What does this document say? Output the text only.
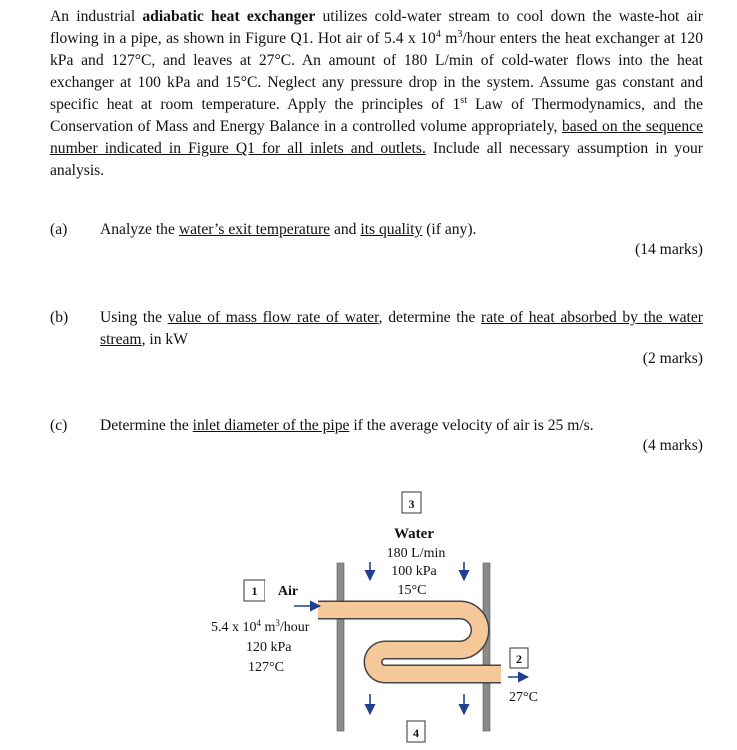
An industrial adiabatic heat exchanger utilizes cold-water stream to cool down the waste-hot air flowing in a pipe, as shown in Figure Q1. Hot air of 5.4 x $10^4$ $m^3$/hour enters the heat exchanger at 120 kPa and 127°C, and leaves at 27°C. An amount of 180 L/min of cold-water flows into the heat exchanger at 100 kPa and 15°C. Neglect any pressure drop in the system. Assume gas constant and specific heat at room temperature. Apply the principles of 1st Law of Thermodynamics, and the Conservation of Mass and Energy Balance in a controlled volume appropriately, based on the sequence number indicated in Figure Q1 for all inlets and outlets. Include all necessary assumption in your analysis.
(a) Analyze the water’s exit temperature and its quality (if any).
(14 marks)
(b) Using the value of mass flow rate of water, determine the rate of heat absorbed by the water stream, in kW
(2 marks)
(c) Determine the inlet diameter of the pipe if the average velocity of air is 25 m/s.
(4 marks)
3
Water
180 L/min
100 kPa
15°C
1 Air
5.4 x $10^4$ $m^3$/hour
120 kPa
127°C
2
27°C
4
